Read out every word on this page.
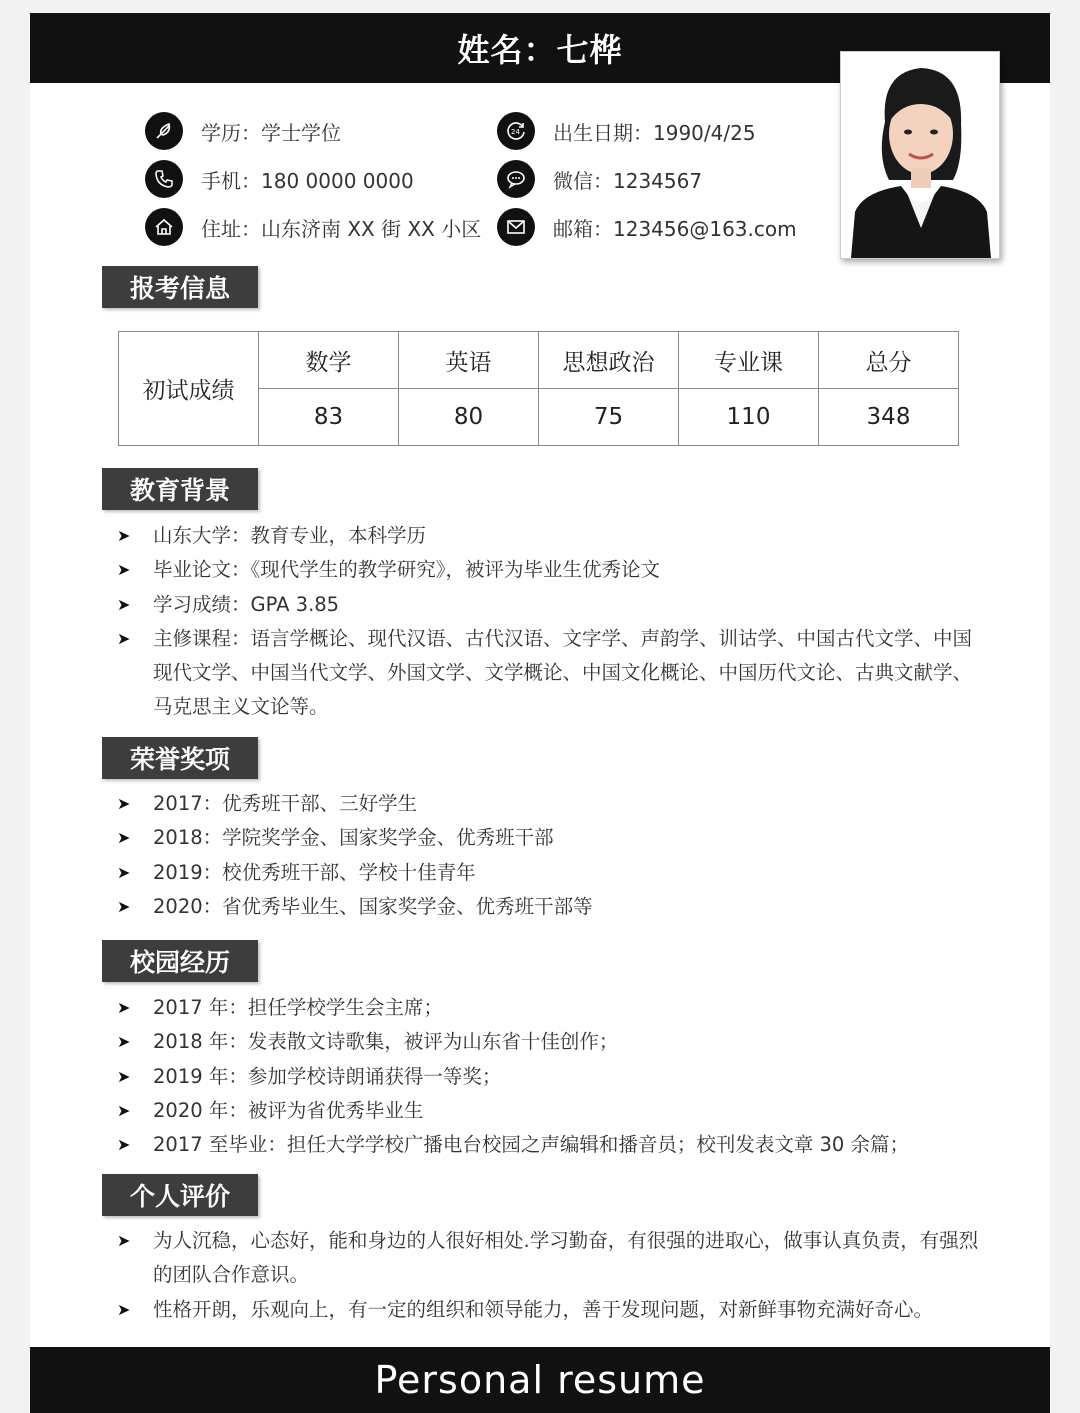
姓名：七桦
学历：学士学位
手机：180 0000 0000
住址：山东济南 XX 街 XX 小区
24 出生日期：1990/4/25
微信：1234567
邮箱：123456@163.com
报考信息
初试成绩	数学	英语	思想政治	专业课	总分
	83	80	75	110	348
教育背景
➤ 山东大学：教育专业，本科学历
➤ 毕业论文：《现代学生的教学研究》，被评为毕业生优秀论文
➤ 学习成绩：GPA 3.85
➤ 主修课程：语言学概论、现代汉语、古代汉语、文字学、声韵学、训诂学、中国古代文学、中国现代文学、中国当代文学、外国文学、文学概论、中国文化概论、中国历代文论、古典文献学、马克思主义文论等。
荣誉奖项
➤ 2017：优秀班干部、三好学生
➤ 2018：学院奖学金、国家奖学金、优秀班干部
➤ 2019：校优秀班干部、学校十佳青年
➤ 2020：省优秀毕业生、国家奖学金、优秀班干部等
校园经历
➤ 2017 年：担任学校学生会主席；
➤ 2018 年：发表散文诗歌集，被评为山东省十佳创作；
➤ 2019 年：参加学校诗朗诵获得一等奖；
➤ 2020 年：被评为省优秀毕业生
➤ 2017 至毕业：担任大学学校广播电台校园之声编辑和播音员；校刊发表文章 30 余篇；
个人评价
➤ 为人沉稳，心态好，能和身边的人很好相处.学习勤奋，有很强的进取心，做事认真负责，有强烈的团队合作意识。
➤ 性格开朗，乐观向上，有一定的组织和领导能力，善于发现问题，对新鲜事物充满好奇心。
Personal resume
